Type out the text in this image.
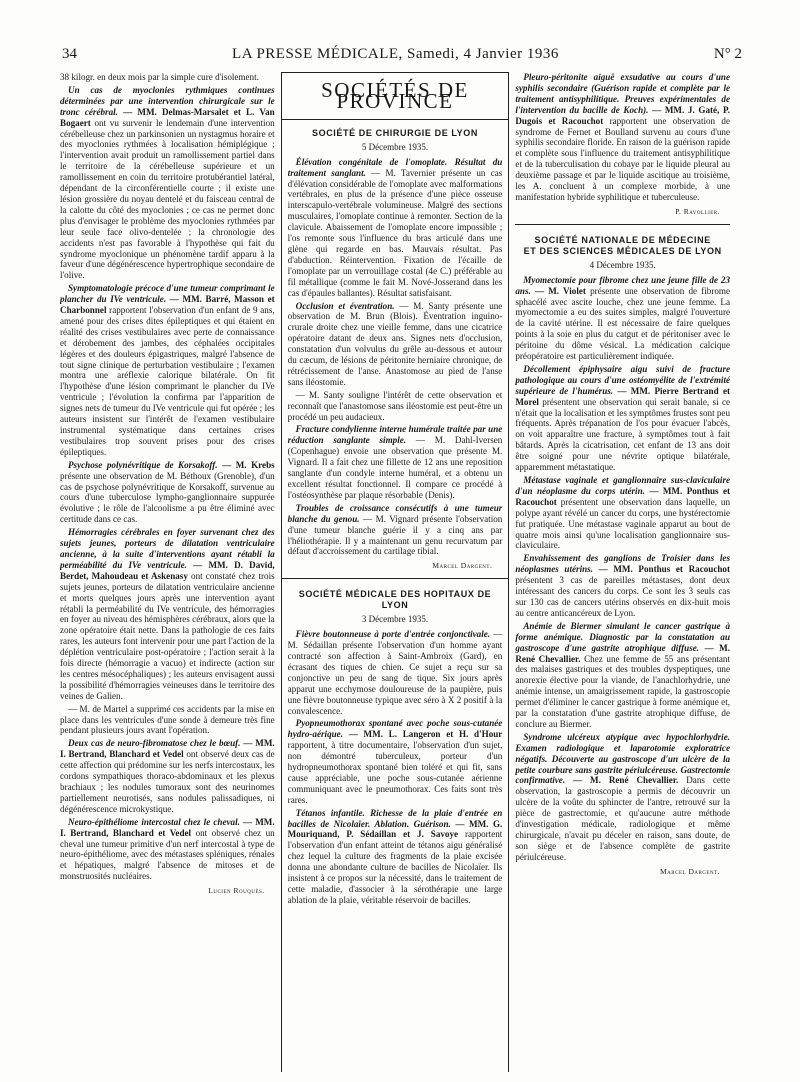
34	LA PRESSE MÉDICALE, Samedi, 4 Janvier 1936	N° 2

38 kilogr. en deux mois par la simple cure d'isolement.

Un cas de myoclonies rythmiques continues déterminées par une intervention chirurgicale sur le tronc cérébral. — MM. Delmas-Marsalet et L. Van Bogaert ont vu survenir le lendemain d'une intervention cérébelleuse chez un parkinsonien un nystagmus horaire et des myoclonies rythmées à localisation hémiplégique ; l'intervention avait produit un ramollissement partiel dans le territoire de la cérébelleuse supérieure et un ramollissement en coin du territoire protubérantiel latéral, dépendant de la circonférentielle courte ; il existe une lésion grossière du noyau dentelé et du faisceau central de la calotte du côté des myoclonies ; ce cas ne permet donc plus d'envisager le problème des myoclonies rythmées par leur seule face olivo-dentelée ; la chronologie des accidents n'est pas favorable à l'hypothèse qui fait du syndrome myoclonique un phénomène tardif apparu à la faveur d'une dégénérescence hypertrophique secondaire de l'olive.

Symptomatologie précoce d'une tumeur comprimant le plancher du IVe ventricule. — MM. Barré, Masson et Charbonnel rapportent l'observation d'un enfant de 9 ans, amené pour des crises dites épileptiques et qui étaient en réalité des crises vestibulaires avec perte de connaissance et dérobement des jambes, des céphalées occipitales légères et des douleurs épigastriques, malgré l'absence de tout signe clinique de perturbation vestibulaire ; l'examen montra une aréflexie calorique bilatérale. On fit l'hypothèse d'une lésion comprimant le plancher du IVe ventricule ; l'évolution la confirma par l'apparition de signes nets de tumeur du IVe ventricule qui fut opérée ; les auteurs insistent sur l'intérêt de l'examen vestibulaire instrumental systématique dans certaines crises vestibulaires trop souvent prises pour des crises épileptiques.

Psychose polynévritique de Korsakoff. — M. Krebs présente une observation de M. Béthoux (Grenoble), d'un cas de psychose polynévritique de Korsakoff, survenue au cours d'une tuberculose lympho-ganglionnaire suppurée évolutive ; le rôle de l'alcoolisme a pu être éliminé avec certitude dans ce cas.

Hémorragies cérébrales en foyer survenant chez des sujets jeunes, porteurs de dilatation ventriculaire ancienne, à la suite d'interventions ayant rétabli la perméabilité du IVe ventricule. — MM. D. David, Berdet, Mahoudeau et Askenasy ont constaté chez trois sujets jeunes, porteurs de dilatation ventriculaire ancienne et morts quelques jours après une intervention ayant rétabli la perméabilité du IVe ventricule, des hémorragies en foyer au niveau des hémisphères cérébraux, alors que la zone opératoire était nette. Dans la pathologie de ces faits rares, les auteurs font intervenir pour une part l'action de la déplétion ventriculaire post-opératoire ; l'action serait à la fois directe (hémorragie a vacuo) et indirecte (action sur les centres mésocéphaliques) ; les auteurs envisagent aussi la possibilité d'hémorragies veineuses dans le territoire des veines de Galien.

— M. de Martel a supprimé ces accidents par la mise en place dans les ventricules d'une sonde à demeure très fine pendant plusieurs jours avant l'opération.

Deux cas de neuro-fibromatose chez le bœuf. — MM. I. Bertrand, Blanchard et Vedel ont observé deux cas de cette affection qui prédomine sur les nerfs intercostaux, les cordons sympathiques thoraco-abdominaux et les plexus brachiaux ; les nodules tumoraux sont des neurinomes partiellement neurotisés, sans nodules palissadiques, ni dégénérescence microkystique.

Neuro-épithéliome intercostal chez le cheval. — MM. I. Bertrand, Blanchard et Vedel ont observé chez un cheval une tumeur primitive d'un nerf intercostal à type de neuro-épithéliome, avec des métastases spléniques, rénales et hépatiques, malgré l'absence de mitoses et de monstruosités nucléaires.

Lucien Rouquès.
SOCIÉTÉS DE PROVINCE
SOCIÉTÉ DE CHIRURGIE DE LYON
5 Décembre 1935.

Élévation congénitale de l'omoplate. Résultat du traitement sanglant. — M. Tavernier présente un cas d'élévation considérable de l'omoplate avec malformations vertébrales, en plus de la présence d'une pièce osseuse interscapulo-vertébrale volumineuse. Malgré des sections musculaires, l'omoplate continue à remonter. Section de la clavicule. Abaissement de l'omoplate encore impossible ; l'os remonte sous l'influence du bras articulé dans une glène qui regarde en bas. Mauvais résultat. Pas d'abduction. Réintervention. Fixation de l'écaille de l'omoplate par un verrouillage costal (4e C.) préférable au fil métallique (comme le fait M. Nové-Josserand dans les cas d'épaules ballantes). Résultat satisfaisant.

Occlusion et éventration. — M. Santy présente une observation de M. Brun (Blois). Éventration inguino-crurale droite chez une vieille femme, dans une cicatrice opératoire datant de deux ans. Signes nets d'occlusion, constatation d'un volvulus du grêle au-dessous et autour du cæcum, de lésions de péritonite herniaire chronique, de rétrécissement de l'anse. Anastomose au pied de l'anse sans iléostomie.

— M. Santy souligne l'intérêt de cette observation et reconnaît que l'anastomose sans iléostomie est peut-être un procédé un peu audacieux.

Fracture condylienne interne humérale traitée par une réduction sanglante simple. — M. Dahl-Iversen (Copenhague) envoie une observation que présente M. Vignard. Il a fait chez une fillette de 12 ans une reposition sanglante d'un condyle interne huméral, et a obtenu un excellent résultat fonctionnel. Il compare ce procédé à l'ostéosynthèse par plaque résorbable (Denis).

Troubles de croissance consécutifs à une tumeur blanche du genou. — M. Vignard présente l'observation d'une tumeur blanche guérie il y a cinq ans par l'héliothérapie. Il y a maintenant un genu recurvatum par défaut d'accroissement du cartilage tibial.

Marcel Dargent.
SOCIÉTÉ MÉDICALE DES HOPITAUX DE LYON
3 Décembre 1935.

Fièvre boutonneuse à porte d'entrée conjonctivale. — M. Sédaillan présente l'observation d'un homme ayant contracté son affection à Saint-Ambroix (Gard), en écrasant des tiques de chien. Ce sujet a reçu sur sa conjonctive un peu de sang de tique. Six jours après apparut une ecchymose douloureuse de la paupière, puis une fièvre boutonneuse typique avec séro à X 2 positif à la convalescence.

Pyopneumothorax spontané avec poche sous-cutanée hydro-aérique. — MM. L. Langeron et H. d'Hour rapportent, à titre documentaire, l'observation d'un sujet, non démontré tuberculeux, porteur d'un hydropneumothorax spontané bien toléré et qui fit, sans cause appréciable, une poche sous-cutanée aérienne communiquant avec le pneumothorax. Ces faits sont très rares.

Tétanos infantile. Richesse de la plaie d'entrée en bacilles de Nicolaïer. Ablation. Guérison. — MM. G. Mouriquand, P. Sédaillan et J. Savoye rapportent l'observation d'un enfant atteint de tétanos aigu généralisé chez lequel la culture des fragments de la plaie excisée donna une abondante culture de bacilles de Nicolaïer. Ils insistent à ce propos sur la nécessité, dans le traitement de cette maladie, d'associer à la sérothérapie une large ablation de la plaie, véritable réservoir de bacilles.

Pleuro-péritonite aiguë exsudative au cours d'une syphilis secondaire (Guérison rapide et complète par le traitement antisyphilitique. Preuves expérimentales de l'intervention du bacille de Koch). — MM. J. Gaté, P. Dugois et Racouchot rapportent une observation de syndrome de Fernet et Boulland survenu au cours d'une syphilis secondaire floride. En raison de la guérison rapide et complète sous l'influence du traitement antisyphilitique et de la tuberculisation du cobaye par le liquide pleural au deuxième passage et par le liquide ascitique au troisième, les A. concluent à un complexe morbide, à une manifestation hybride syphilitique et tuberculeuse.

P. Ravollier.
SOCIÉTÉ NATIONALE DE MÉDECINE
ET DES SCIENCES MÉDICALES DE LYON
4 Décembre 1935.

Myomectomie pour fibrome chez une jeune fille de 23 ans. — M. Violet présente une observation de fibrome sphacélé avec ascite louche, chez une jeune femme. La myomectomie a eu des suites simples, malgré l'ouverture de la cavité utérine. Il est nécessaire de faire quelques points à la soie en plus du catgut et de péritoniser avec le péritoine du dôme vésical. La médication calcique préopératoire est particulièrement indiquée.

Décollement épiphysaire aigu suivi de fracture pathologique au cours d'une ostéomyélite de l'extrémité supérieure de l'humérus. — MM. Pierre Bertrand et Morel présentent une observation qui serait banale, si ce n'était que la localisation et les symptômes frustes sont peu fréquents. Après trépanation de l'os pour évacuer l'abcès, on voit apparaître une fracture, à symptômes tout à fait bâtards. Après la cicatrisation, cet enfant de 13 ans doit être soigné pour une névrite optique bilatérale, apparemment métastatique.

Métastase vaginale et ganglionnaire sus-claviculaire d'un néoplasme du corps utérin. — MM. Ponthus et Racouchot présentent une observation dans laquelle, un polype ayant révélé un cancer du corps, une hystérectomie fut pratiquée. Une métastase vaginale apparut au bout de quatre mois ainsi qu'une localisation ganglionnaire sus-claviculaire.

Envahissement des ganglions de Troisier dans les néoplasmes utérins. — MM. Ponthus et Racouchot présentent 3 cas de pareilles métastases, dont deux intéressant des cancers du corps. Ce sont les 3 seuls cas sur 130 cas de cancers utérins observés en dix-huit mois au centre anticancéreux de Lyon.

Anémie de Biermer simulant le cancer gastrique à forme anémique. Diagnostic par la constatation au gastroscope d'une gastrite atrophique diffuse. — M. René Chevallier. Chez une femme de 55 ans présentant des malaises gastriques et des troubles dyspeptiques, une anorexie élective pour la viande, de l'anachlorhydrie, une anémie intense, un amaigrissement rapide, la gastroscopie permet d'éliminer le cancer gastrique à forme anémique et, par la constatation d'une gastrite atrophique diffuse, de conclure au Biermer.

Syndrome ulcéreux atypique avec hypochlorhydrie. Examen radiologique et laparotomie exploratrice négatifs. Découverte au gastroscope d'un ulcère de la petite courbure sans gastrite périulcéreuse. Gastrectomie confirmative. — M. René Chevallier. Dans cette observation, la gastroscopie a permis de découvrir un ulcère de la voûte du sphincter de l'antre, retrouvé sur la pièce de gastrectomie, et qu'aucune autre méthode d'investigation médicale, radiologique et même chirurgicale, n'avait pu déceler en raison, sans doute, de son siège et de l'absence complète de gastrite périulcéreuse.

Marcel Dargent.
